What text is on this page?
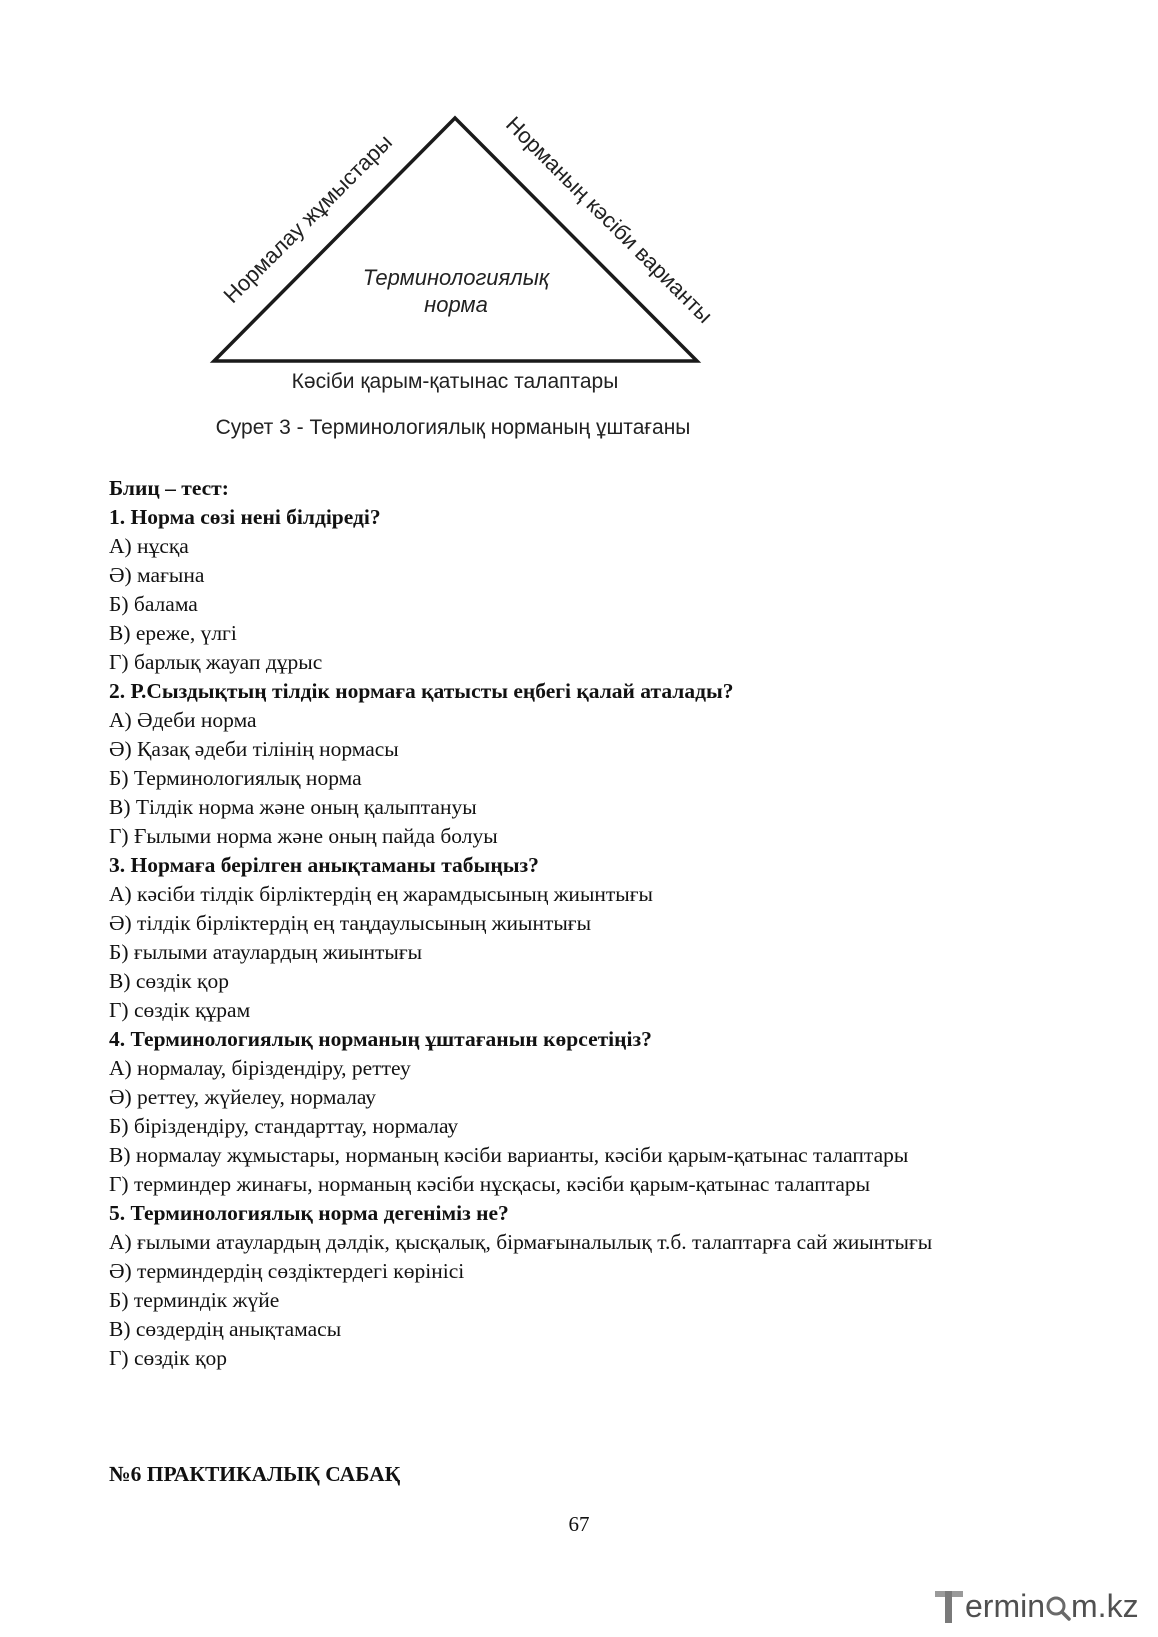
Нормалау жұмыстары	Норманың кәсіби варианты
Терминологиялық
норма
Кәсіби қарым-қатынас талаптары
Сурет 3 - Терминологиялық норманың ұштағаны
Блиц – тест:
1. Норма сөзі нені білдіреді?
А) нұсқа
Ә) мағына
Б) балама
В) ереже, үлгі
Г) барлық жауап дұрыс
2. Р.Сыздықтың тілдік нормаға қатысты еңбегі қалай аталады?
А) Әдеби норма
Ә) Қазақ әдеби тілінің нормасы
Б) Терминологиялық норма
В) Тілдік норма және оның қалыптануы
Г) Ғылыми норма және оның пайда болуы
3. Нормаға берілген анықтаманы табыңыз?
А) кәсіби тілдік бірліктердің ең жарамдысының жиынтығы
Ә) тілдік бірліктердің ең таңдаулысының жиынтығы
Б) ғылыми атаулардың жиынтығы
В) сөздік қор
Г) сөздік құрам
4. Терминологиялық норманың ұштағанын көрсетіңіз?
А) нормалау, біріздендіру, реттеу
Ә) реттеу, жүйелеу, нормалау
Б) біріздендіру, стандарттау, нормалау
В) нормалау жұмыстары, норманың кәсіби варианты, кәсіби қарым-қатынас талаптары
Г) терминдер жинағы, норманың кәсіби нұсқасы, кәсіби қарым-қатынас талаптары
5. Терминологиялық норма дегеніміз не?
А) ғылыми атаулардың дәлдік, қысқалық, бірмағыналылық т.б. талаптарға сай жиынтығы
Ә) терминдердің сөздіктердегі көрінісі
Б) терминдік жүйе
В) сөздердің анықтамасы
Г) сөздік қор
№6 ПРАКТИКАЛЫҚ САБАҚ
67
ermin m.kz
